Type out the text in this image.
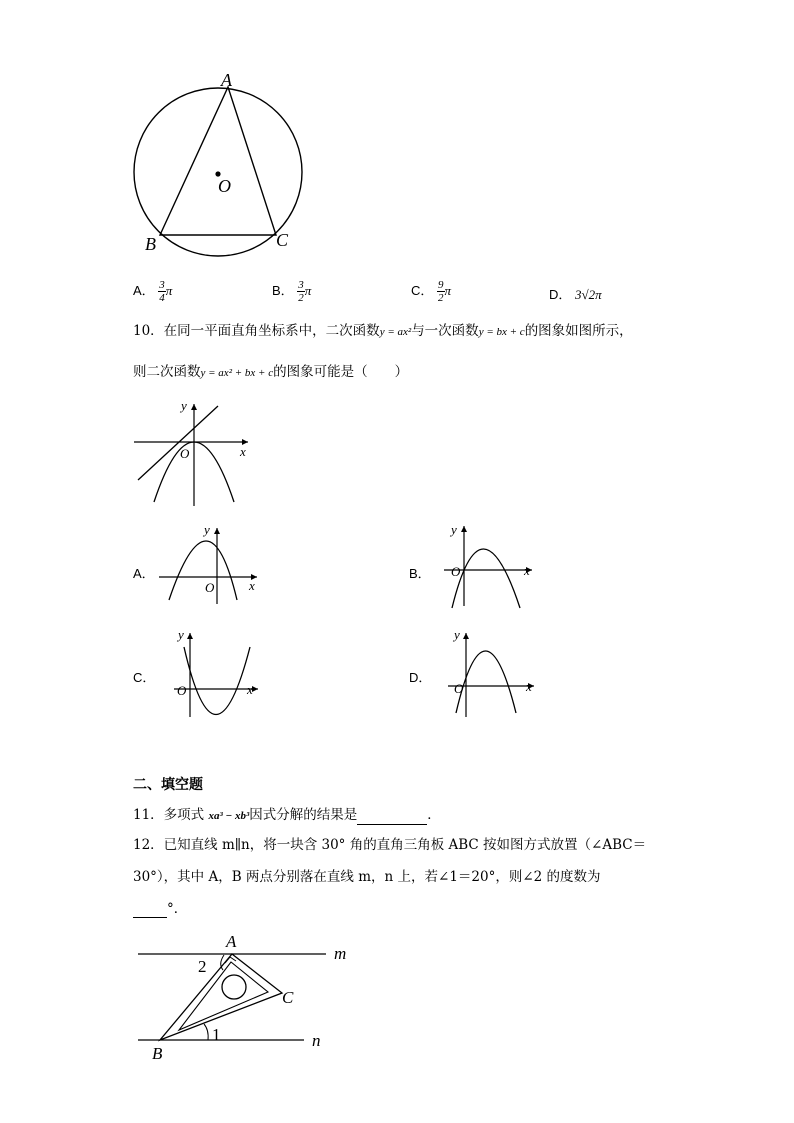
A
O
B	C
A． $\frac{3}{4}$ π	B． $\frac{3}{2}$ π	C． $\frac{9}{2}$ π	D． 3√2π
10．在同一平面直角坐标系中，二次函数y = ax²与一次函数y = bx + c的图象如图所示，
则二次函数y = ax² + bx + c的图象可能是（　　）
y
x
O
A．
y
x
O
B．
y
x
O
C．
y
x
O
D．
y
x
O
二、填空题
11．多项式 xa³ − xb³因式分解的结果是	．
12．已知直线 m∥n，将一块含 30° 角的直角三角板 ABC 按如图方式放置（∠ABC＝
30°），其中 A，B 两点分别落在直线 m，n 上，若∠1＝20°，则∠2 的度数为
°．
A
m
2
C
1
B
n
